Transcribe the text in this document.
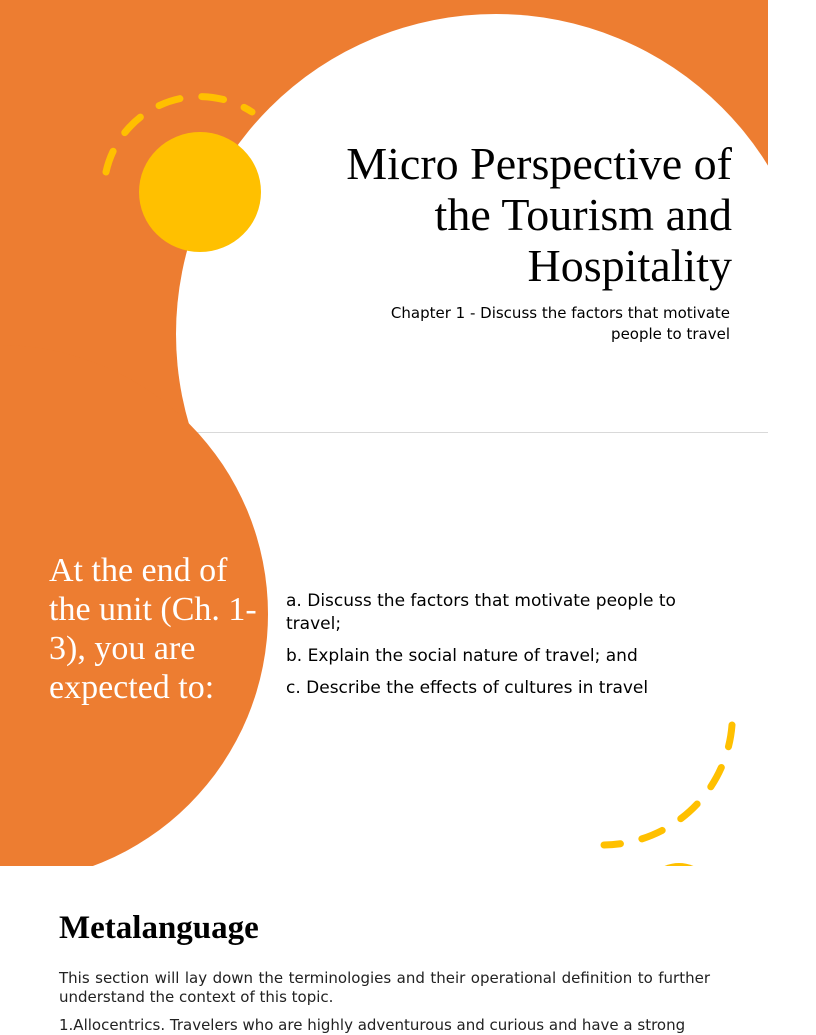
Micro Perspective of the Tourism and Hospitality
Chapter 1 - Discuss the factors that motivate people to travel
At the end of the unit (Ch. 1-3), you are expected to:
a. Discuss the factors that motivate people to travel;
b. Explain the social nature of travel; and
c. Describe the effects of cultures in travel
Metalanguage

This section will lay down the terminologies and their operational definition to further understand the context of this topic.

1.Allocentrics. Travelers who are highly adventurous and curious and have a strong
